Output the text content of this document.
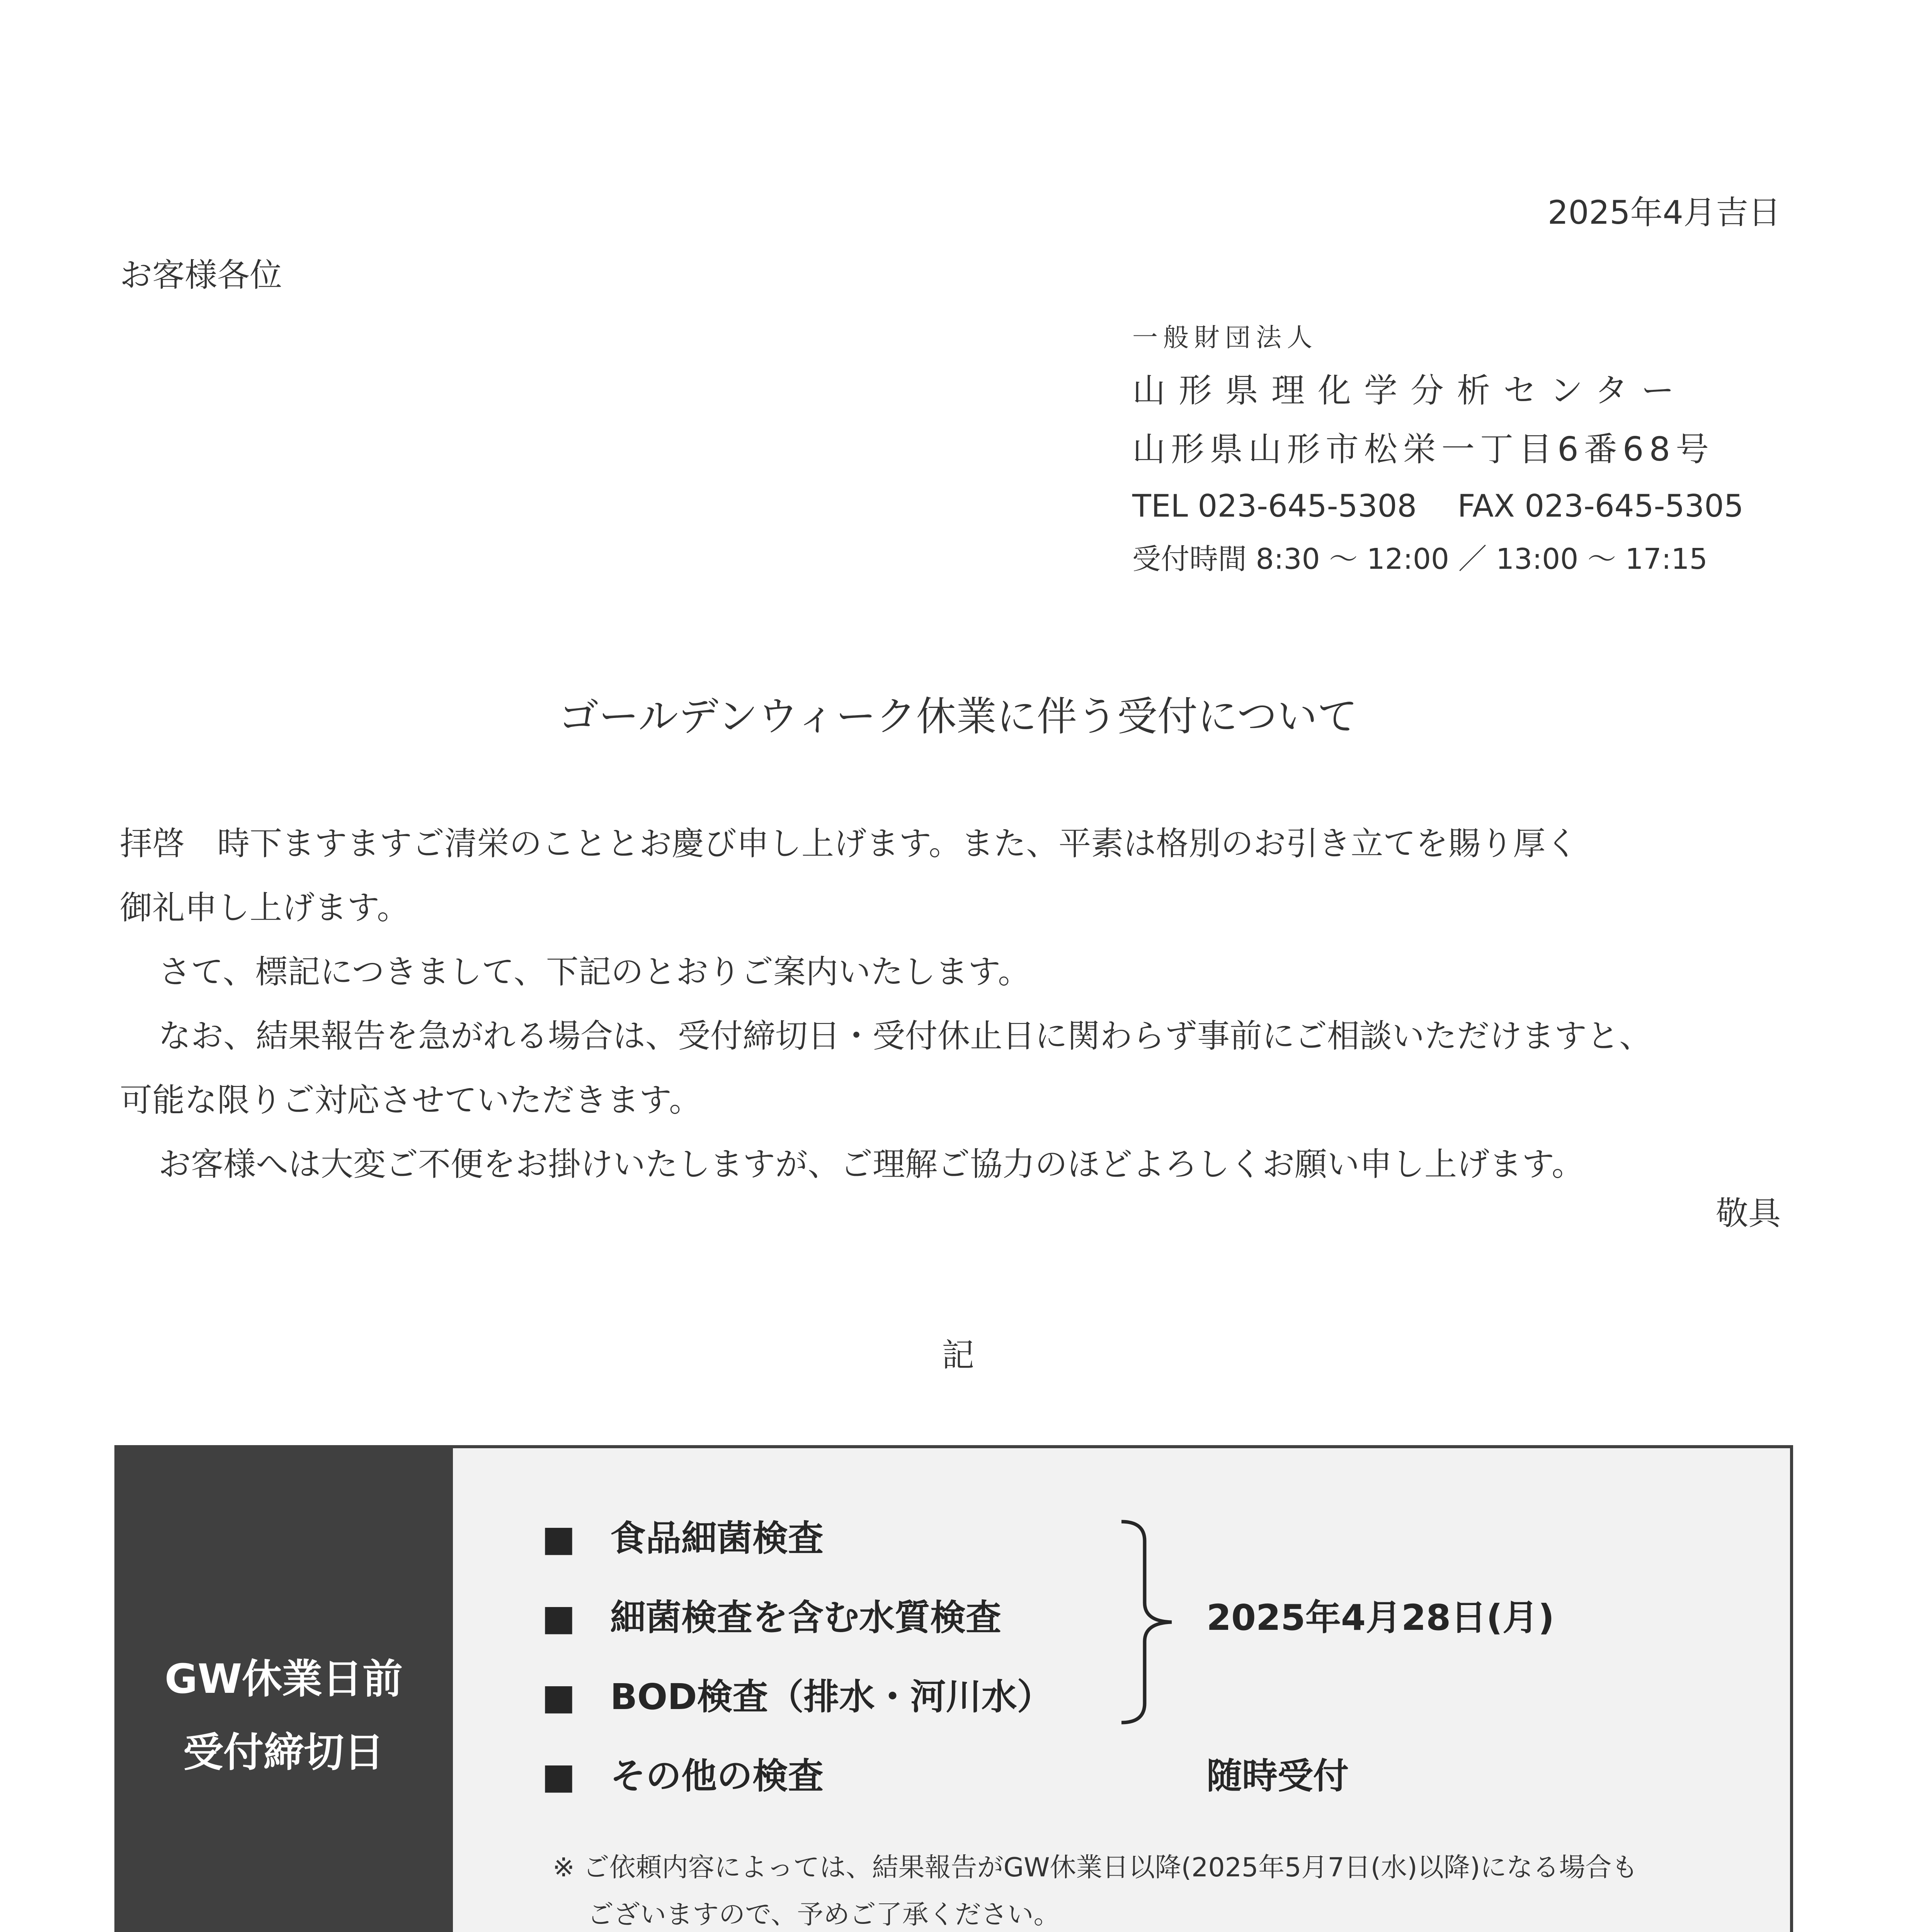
2025年4月吉日
お客様各位
一般財団法人
山形県理化学分析センター
山形県山形市松栄一丁目6番68号
TEL 023-645-5308　 FAX 023-645-5305
受付時間 8:30 〜 12:00 ／ 13:00 〜 17:15
ゴールデンウィーク休業に伴う受付について

拝啓　時下ますますご清栄のこととお慶び申し上げます。また、平素は格別のお引き立てを賜り厚く

御礼申し上げます。

さて、標記につきまして、下記のとおりご案内いたします。

なお、結果報告を急がれる場合は、受付締切日・受付休止日に関わらず事前にご相談いただけますと、

可能な限りご対応させていただきます。

お客様へは大変ご不便をお掛けいたしますが、ご理解ご協力のほどよろしくお願い申し上げます。

敬具
記
GW休業日前
受付締切日
■ 食品細菌検査
■ 細菌検査を含む水質検査
■ BOD検査（排水・河川水）
■ その他の検査
2025年4月28日(月)
随時受付
※ ご依頼内容によっては、結果報告がGW休業日以降(2025年5月7日(水)以降)になる場合も
ございますので、予めご了承ください。
